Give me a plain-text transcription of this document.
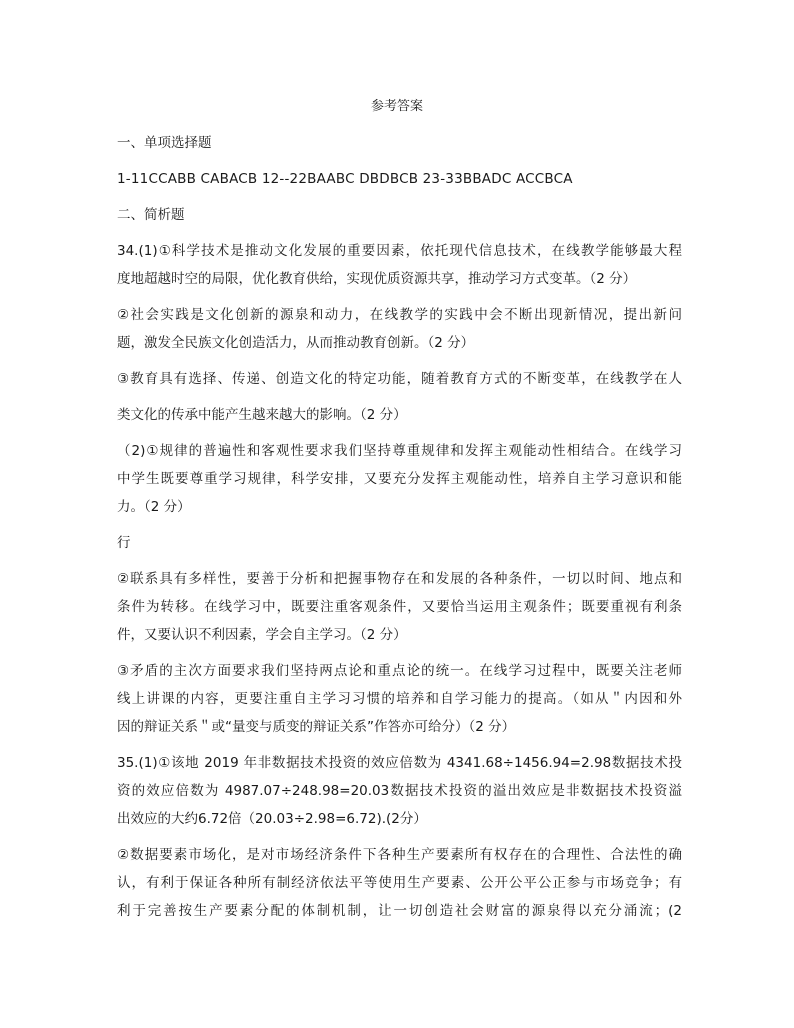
参考答案
一、单项选择题
1-11CCABB CABACB 12--22BAABC DBDBCB 23-33BBADC ACCBCA
二、简析题
34.(1)①科学技术是推动文化发展的重要因素，依托现代信息技术，在线教学能够最大程
度地超越时空的局限，优化教育供给，实现优质资源共享，推动学习方式变革。（2 分）
②社会实践是文化创新的源泉和动力，在线教学的实践中会不断出现新情况，提出新问
题，激发全民族文化创造活力，从而推动教育创新。（2 分）
③教育具有选择、传递、创造文化的特定功能，随着教育方式的不断变革，在线教学在人
类文化的传承中能产生越来越大的影响。（2 分）
（2)①规律的普遍性和客观性要求我们坚持尊重规律和发挥主观能动性相结合。在线学习
中学生既要尊重学习规律，科学安排，又要充分发挥主观能动性，培养自主学习意识和能
力。（2 分）
行
②联系具有多样性，要善于分析和把握事物存在和发展的各种条件，一切以时间、地点和
条件为转移。在线学习中，既要注重客观条件，又要恰当运用主观条件；既要重视有利条
件，又要认识不利因素，学会自主学习。（2 分）
③矛盾的主次方面要求我们坚持两点论和重点论的统一。在线学习过程中，既要关注老师
线上讲课的内容，更要注重自主学习习惯的培养和自学习能力的提高。（如从＂内因和外
因的辩证关系＂或“量变与质变的辩证关系”作答亦可给分）（2 分）
35.(1)①该地 2019 年非数据技术投资的效应倍数为 4341.68÷1456.94=2.98数据技术投
资的效应倍数为 4987.07÷248.98=20.03数据技术投资的溢出效应是非数据技术投资溢
出效应的大约6.72倍（20.03÷2.98=6.72).(2分）
②数据要素市场化，是对市场经济条件下各种生产要素所有权存在的合理性、合法性的确
认，有利于保证各种所有制经济依法平等使用生产要素、公开公平公正参与市场竞争；有
利于完善按生产要素分配的体制机制，让一切创造社会财富的源泉得以充分涌流；(2
